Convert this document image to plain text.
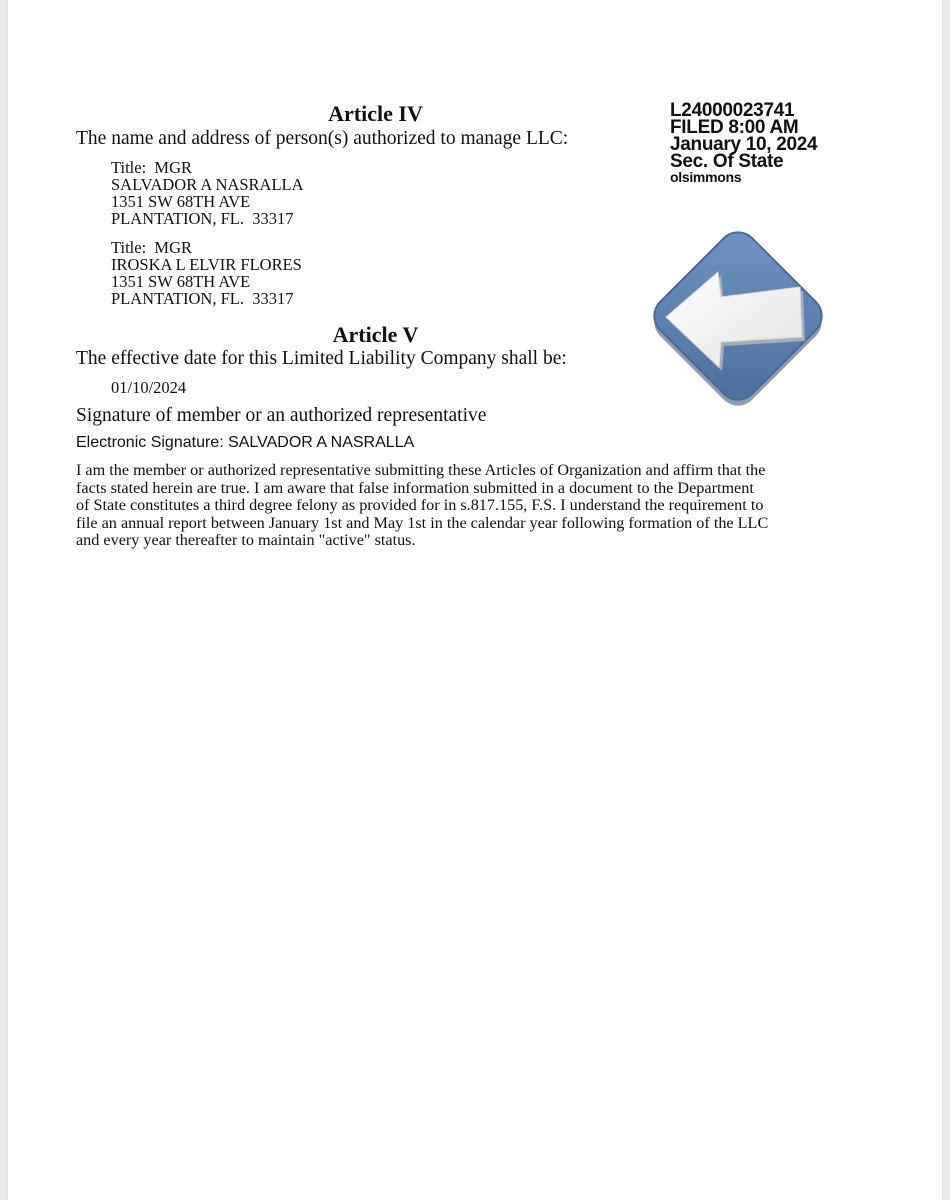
Article IV
The name and address of person(s) authorized to manage LLC:
Title:  MGR
SALVADOR A NASRALLA
1351 SW 68TH AVE
PLANTATION, FL.  33317
Title:  MGR
IROSKA L ELVIR FLORES
1351 SW 68TH AVE
PLANTATION, FL.  33317
Article V
The effective date for this Limited Liability Company shall be:
01/10/2024
Signature of member or an authorized representative
Electronic Signature: SALVADOR A NASRALLA
I am the member or authorized representative submitting these Articles of Organization and affirm that the
facts stated herein are true. I am aware that false information submitted in a document to the Department
of State constitutes a third degree felony as provided for in s.817.155, F.S. I understand the requirement to
file an annual report between January 1st and May 1st in the calendar year following formation of the LLC
and every year thereafter to maintain "active" status.
L24000023741
FILED 8:00 AM
January 10, 2024
Sec. Of State
olsimmons
